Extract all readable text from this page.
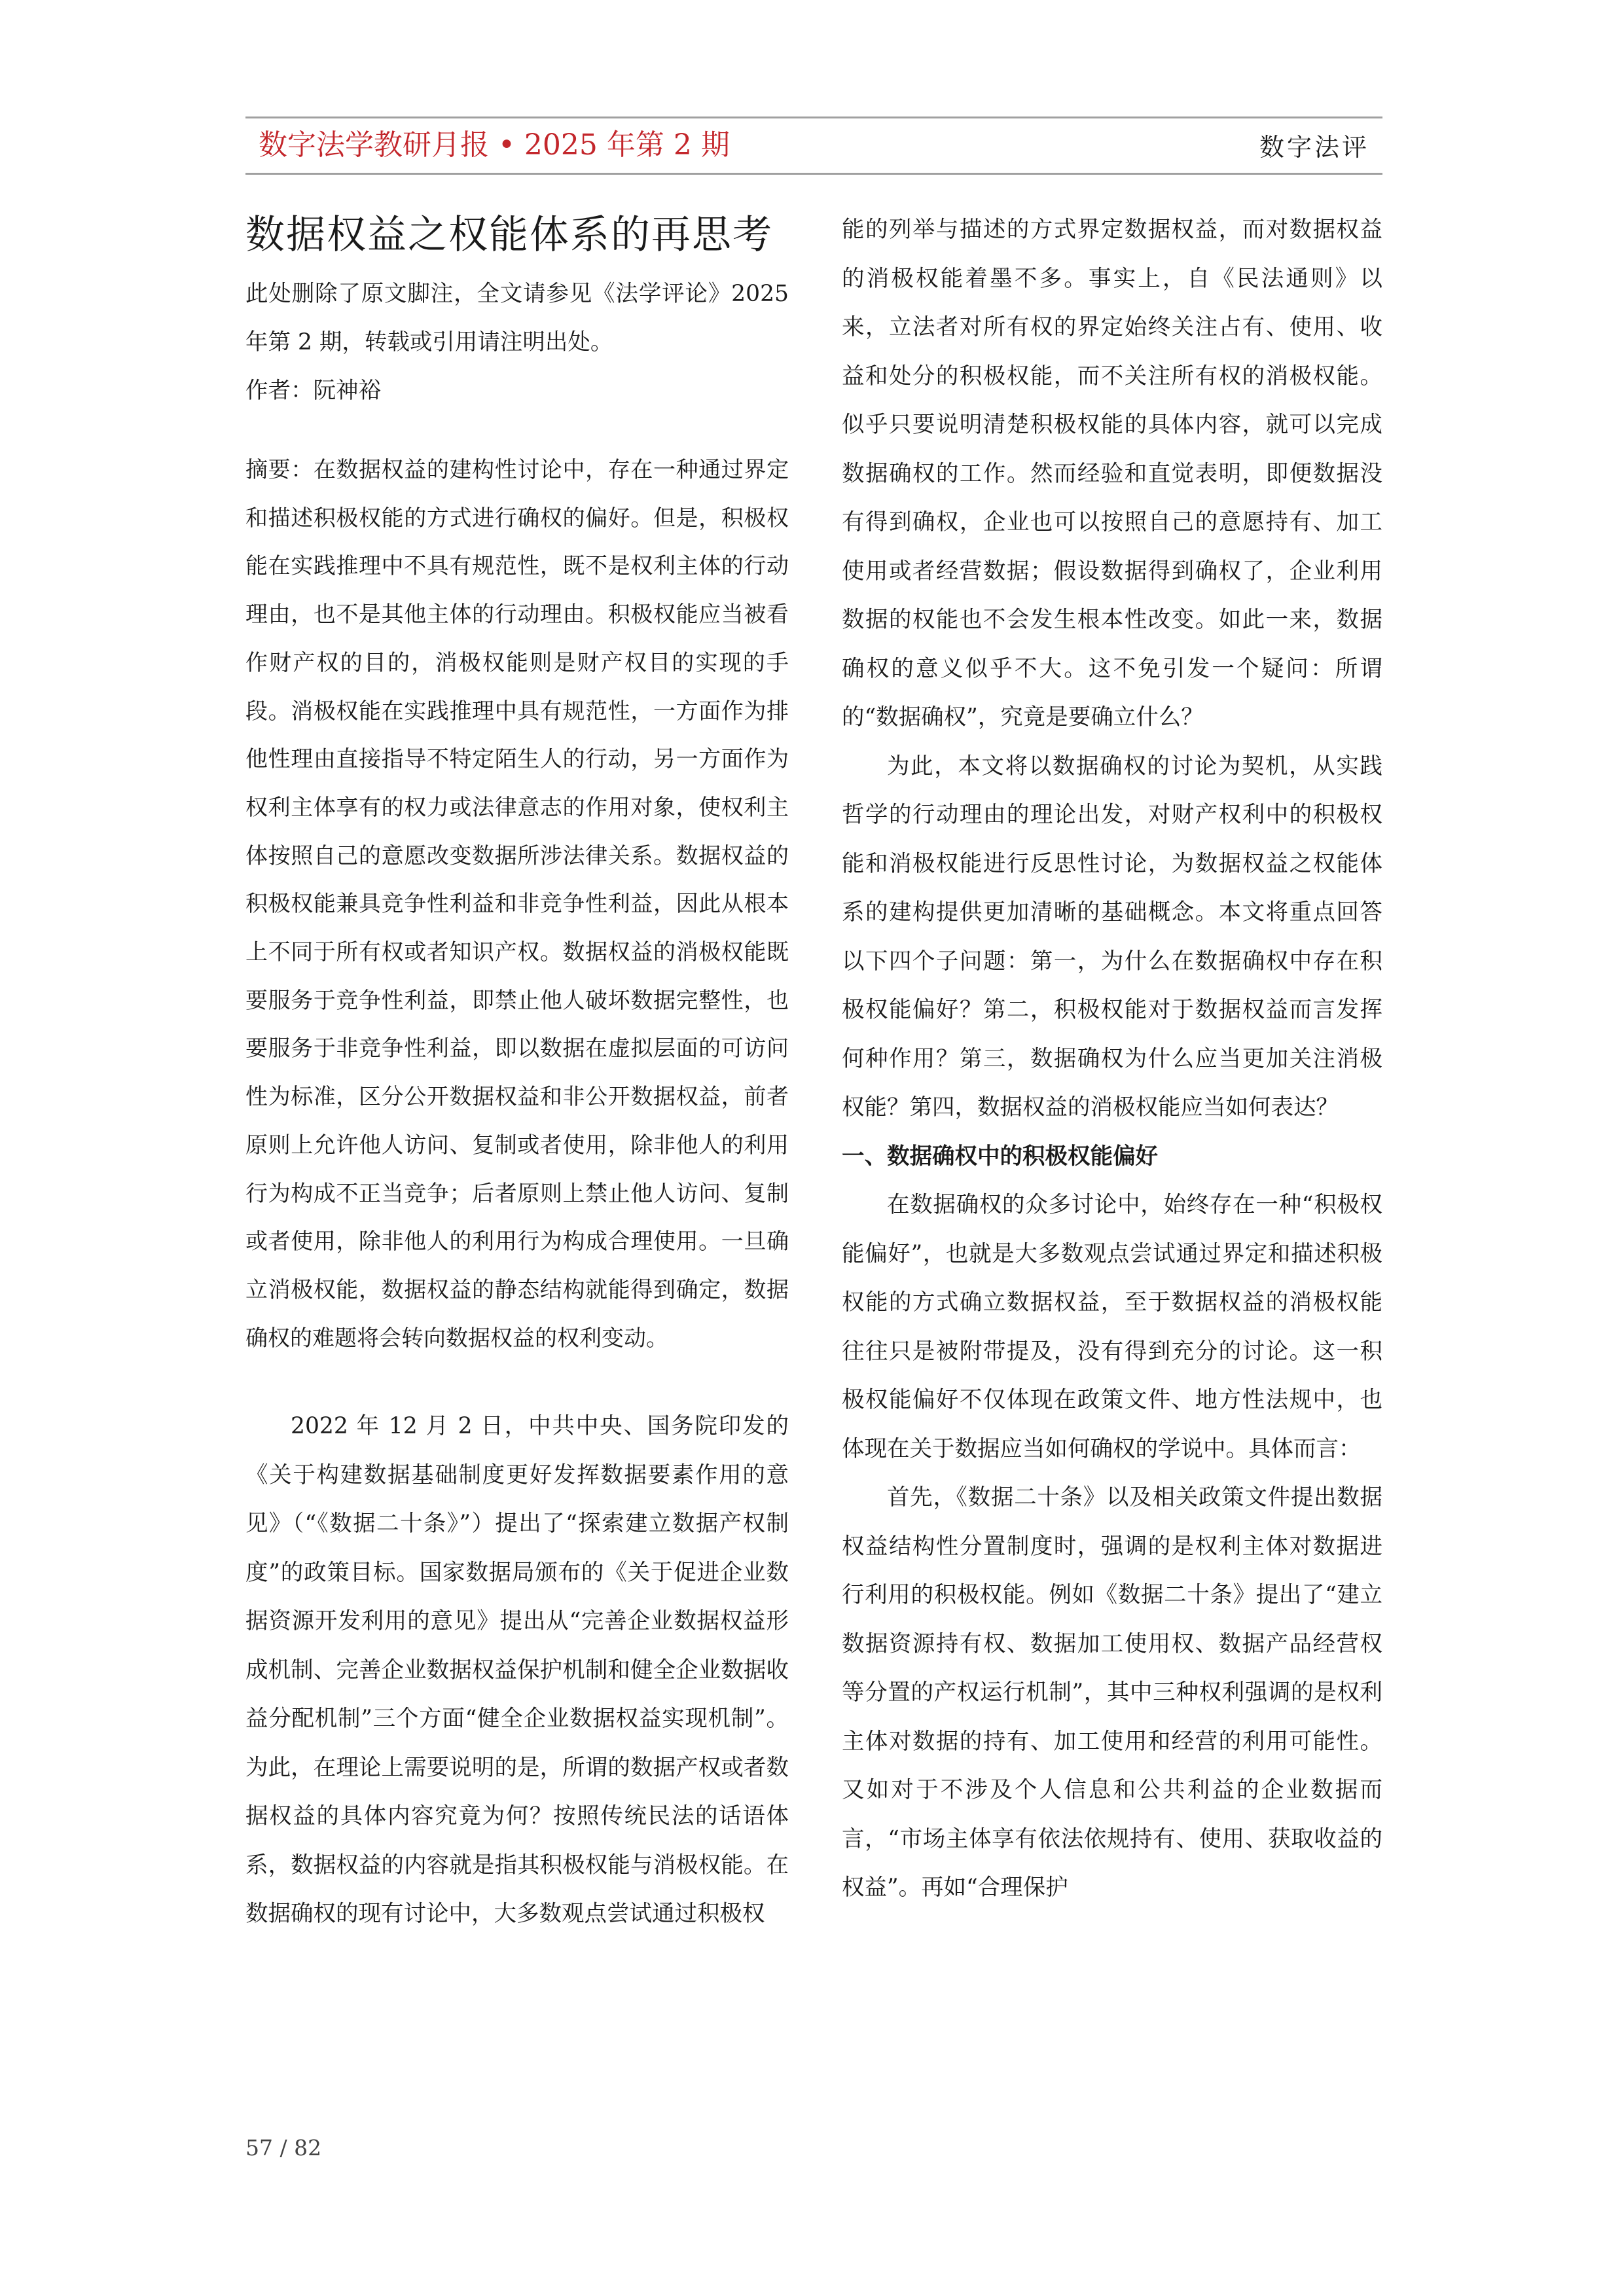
数字法学教研月报 • 2025 年第 2 期	数字法评
数据权益之权能体系的再思考

此处删除了原文脚注，全文请参见《法学评论》2025年第 2 期，转载或引用请注明出处。

作者：阮神裕

摘要：在数据权益的建构性讨论中，存在一种通过界定和描述积极权能的方式进行确权的偏好。但是，积极权能在实践推理中不具有规范性，既不是权利主体的行动理由，也不是其他主体的行动理由。积极权能应当被看作财产权的目的，消极权能则是财产权目的实现的手段。消极权能在实践推理中具有规范性，一方面作为排他性理由直接指导不特定陌生人的行动，另一方面作为权利主体享有的权力或法律意志的作用对象，使权利主体按照自己的意愿改变数据所涉法律关系。数据权益的积极权能兼具竞争性利益和非竞争性利益，因此从根本上不同于所有权或者知识产权。数据权益的消极权能既要服务于竞争性利益，即禁止他人破坏数据完整性，也要服务于非竞争性利益，即以数据在虚拟层面的可访问性为标准，区分公开数据权益和非公开数据权益，前者原则上允许他人访问、复制或者使用，除非他人的利用行为构成不正当竞争；后者原则上禁止他人访问、复制或者使用，除非他人的利用行为构成合理使用。一旦确立消极权能，数据权益的静态结构就能得到确定，数据确权的难题将会转向数据权益的权利变动。

2022 年 12 月 2 日，中共中央、国务院印发的《关于构建数据基础制度更好发挥数据要素作用的意见》（“《数据二十条》”）提出了“探索建立数据产权制度”的政策目标。国家数据局颁布的《关于促进企业数据资源开发利用的意见》提出从“完善企业数据权益形成机制、完善企业数据权益保护机制和健全企业数据收益分配机制”三个方面“健全企业数据权益实现机制”。为此，在理论上需要说明的是，所谓的数据产权或者数据权益的具体内容究竟为何？按照传统民法的话语体系，数据权益的内容就是指其积极权能与消极权能。在数据确权的现有讨论中，大多数观点尝试通过积极权

能的列举与描述的方式界定数据权益，而对数据权益的消极权能着墨不多。事实上，自《民法通则》以来，立法者对所有权的界定始终关注占有、使用、收益和处分的积极权能，而不关注所有权的消极权能。似乎只要说明清楚积极权能的具体内容，就可以完成数据确权的工作。然而经验和直觉表明，即便数据没有得到确权，企业也可以按照自己的意愿持有、加工使用或者经营数据；假设数据得到确权了，企业利用数据的权能也不会发生根本性改变。如此一来，数据确权的意义似乎不大。这不免引发一个疑问：所谓的“数据确权”，究竟是要确立什么？

为此，本文将以数据确权的讨论为契机，从实践哲学的行动理由的理论出发，对财产权利中的积极权能和消极权能进行反思性讨论，为数据权益之权能体系的建构提供更加清晰的基础概念。本文将重点回答以下四个子问题：第一，为什么在数据确权中存在积极权能偏好？第二，积极权能对于数据权益而言发挥何种作用？第三，数据确权为什么应当更加关注消极权能？第四，数据权益的消极权能应当如何表达？

一、数据确权中的积极权能偏好

在数据确权的众多讨论中，始终存在一种“积极权能偏好”，也就是大多数观点尝试通过界定和描述积极权能的方式确立数据权益，至于数据权益的消极权能往往只是被附带提及，没有得到充分的讨论。这一积极权能偏好不仅体现在政策文件、地方性法规中，也体现在关于数据应当如何确权的学说中。具体而言：

首先，《数据二十条》以及相关政策文件提出数据权益结构性分置制度时，强调的是权利主体对数据进行利用的积极权能。例如《数据二十条》提出了“建立数据资源持有权、数据加工使用权、数据产品经营权等分置的产权运行机制”，其中三种权利强调的是权利主体对数据的持有、加工使用和经营的利用可能性。又如对于不涉及个人信息和公共利益的企业数据而言，“市场主体享有依法依规持有、使用、获取收益的权益”。再如“合理保护

57 / 82
